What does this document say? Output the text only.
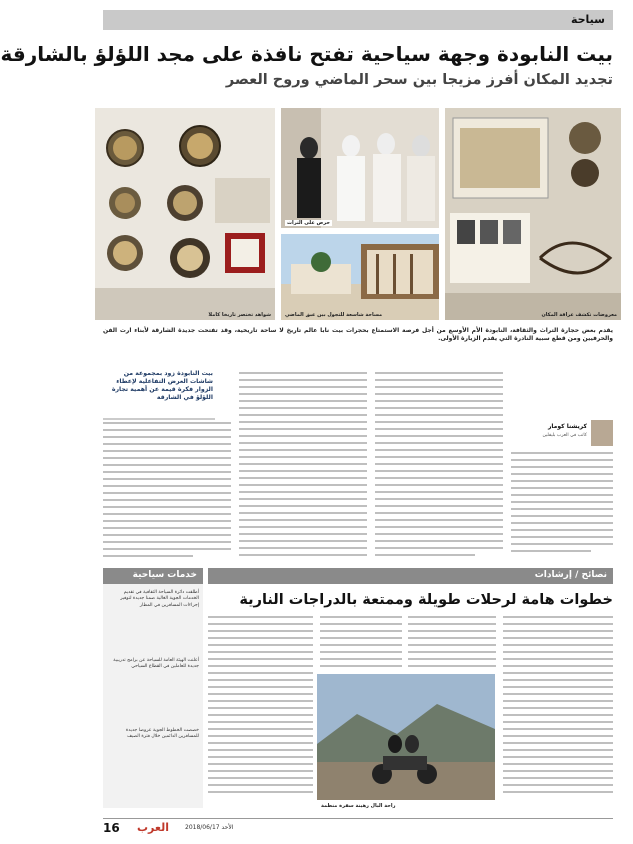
سياحة
بيت النابودة وجهة سياحية تفتح نافذة على مجد اللؤلؤ بالشارقة
تجديد المكان أفرز مزيجا بين سحر الماضي وروح العصر
شواهد تختصر تاريخا كاملا
حرص على التراث
معروضات تكشف عراقة المكان
مساحة شاسعة للتجول بين عبق الماضي
يقدم بعض حجارة التراث والثقافة، النابودة الأم الأوسع من أجل فرصة الاستمتاع بحجرات بيت نابا عالم تاريخ لا ساحة تاريخية، وقد تفتحت جديدة الشارقة لأبناء ارت الفن والحرفيين ومن قطع سبية النادرة التي يقدم الزيارة الأولى.
بيت النابودة زود بمجموعة من شاشات العرض التفاعلية لإعطاء الزوار فكرة قيمة عن أهمية تجارة اللؤلؤ في الشارقة
كريشنا كومار
كاتب في العرب بليفلين
نصائح / إرشادات
خدمات سياحية
أطلقت دائرة السياحة الثقافية في تقديم الخدمات الجوية الغالية ضمنا جديدة لتوفير إجراءات المسافرين في المطار
أعلنت الهيئة العامة للسياحة عن برامج تدريبية جديدة للعاملين في القطاع السياحي
خصصت الخطوط الجوية عروضا جديدة للمسافرين الدائمين خلال فترة الصيف
خطوات هامة لرحلات طويلة وممتعة بالدراجات النارية
راحة البال رهينة سفرة منظمة
16 العرب	2018/06/17 الأحد
